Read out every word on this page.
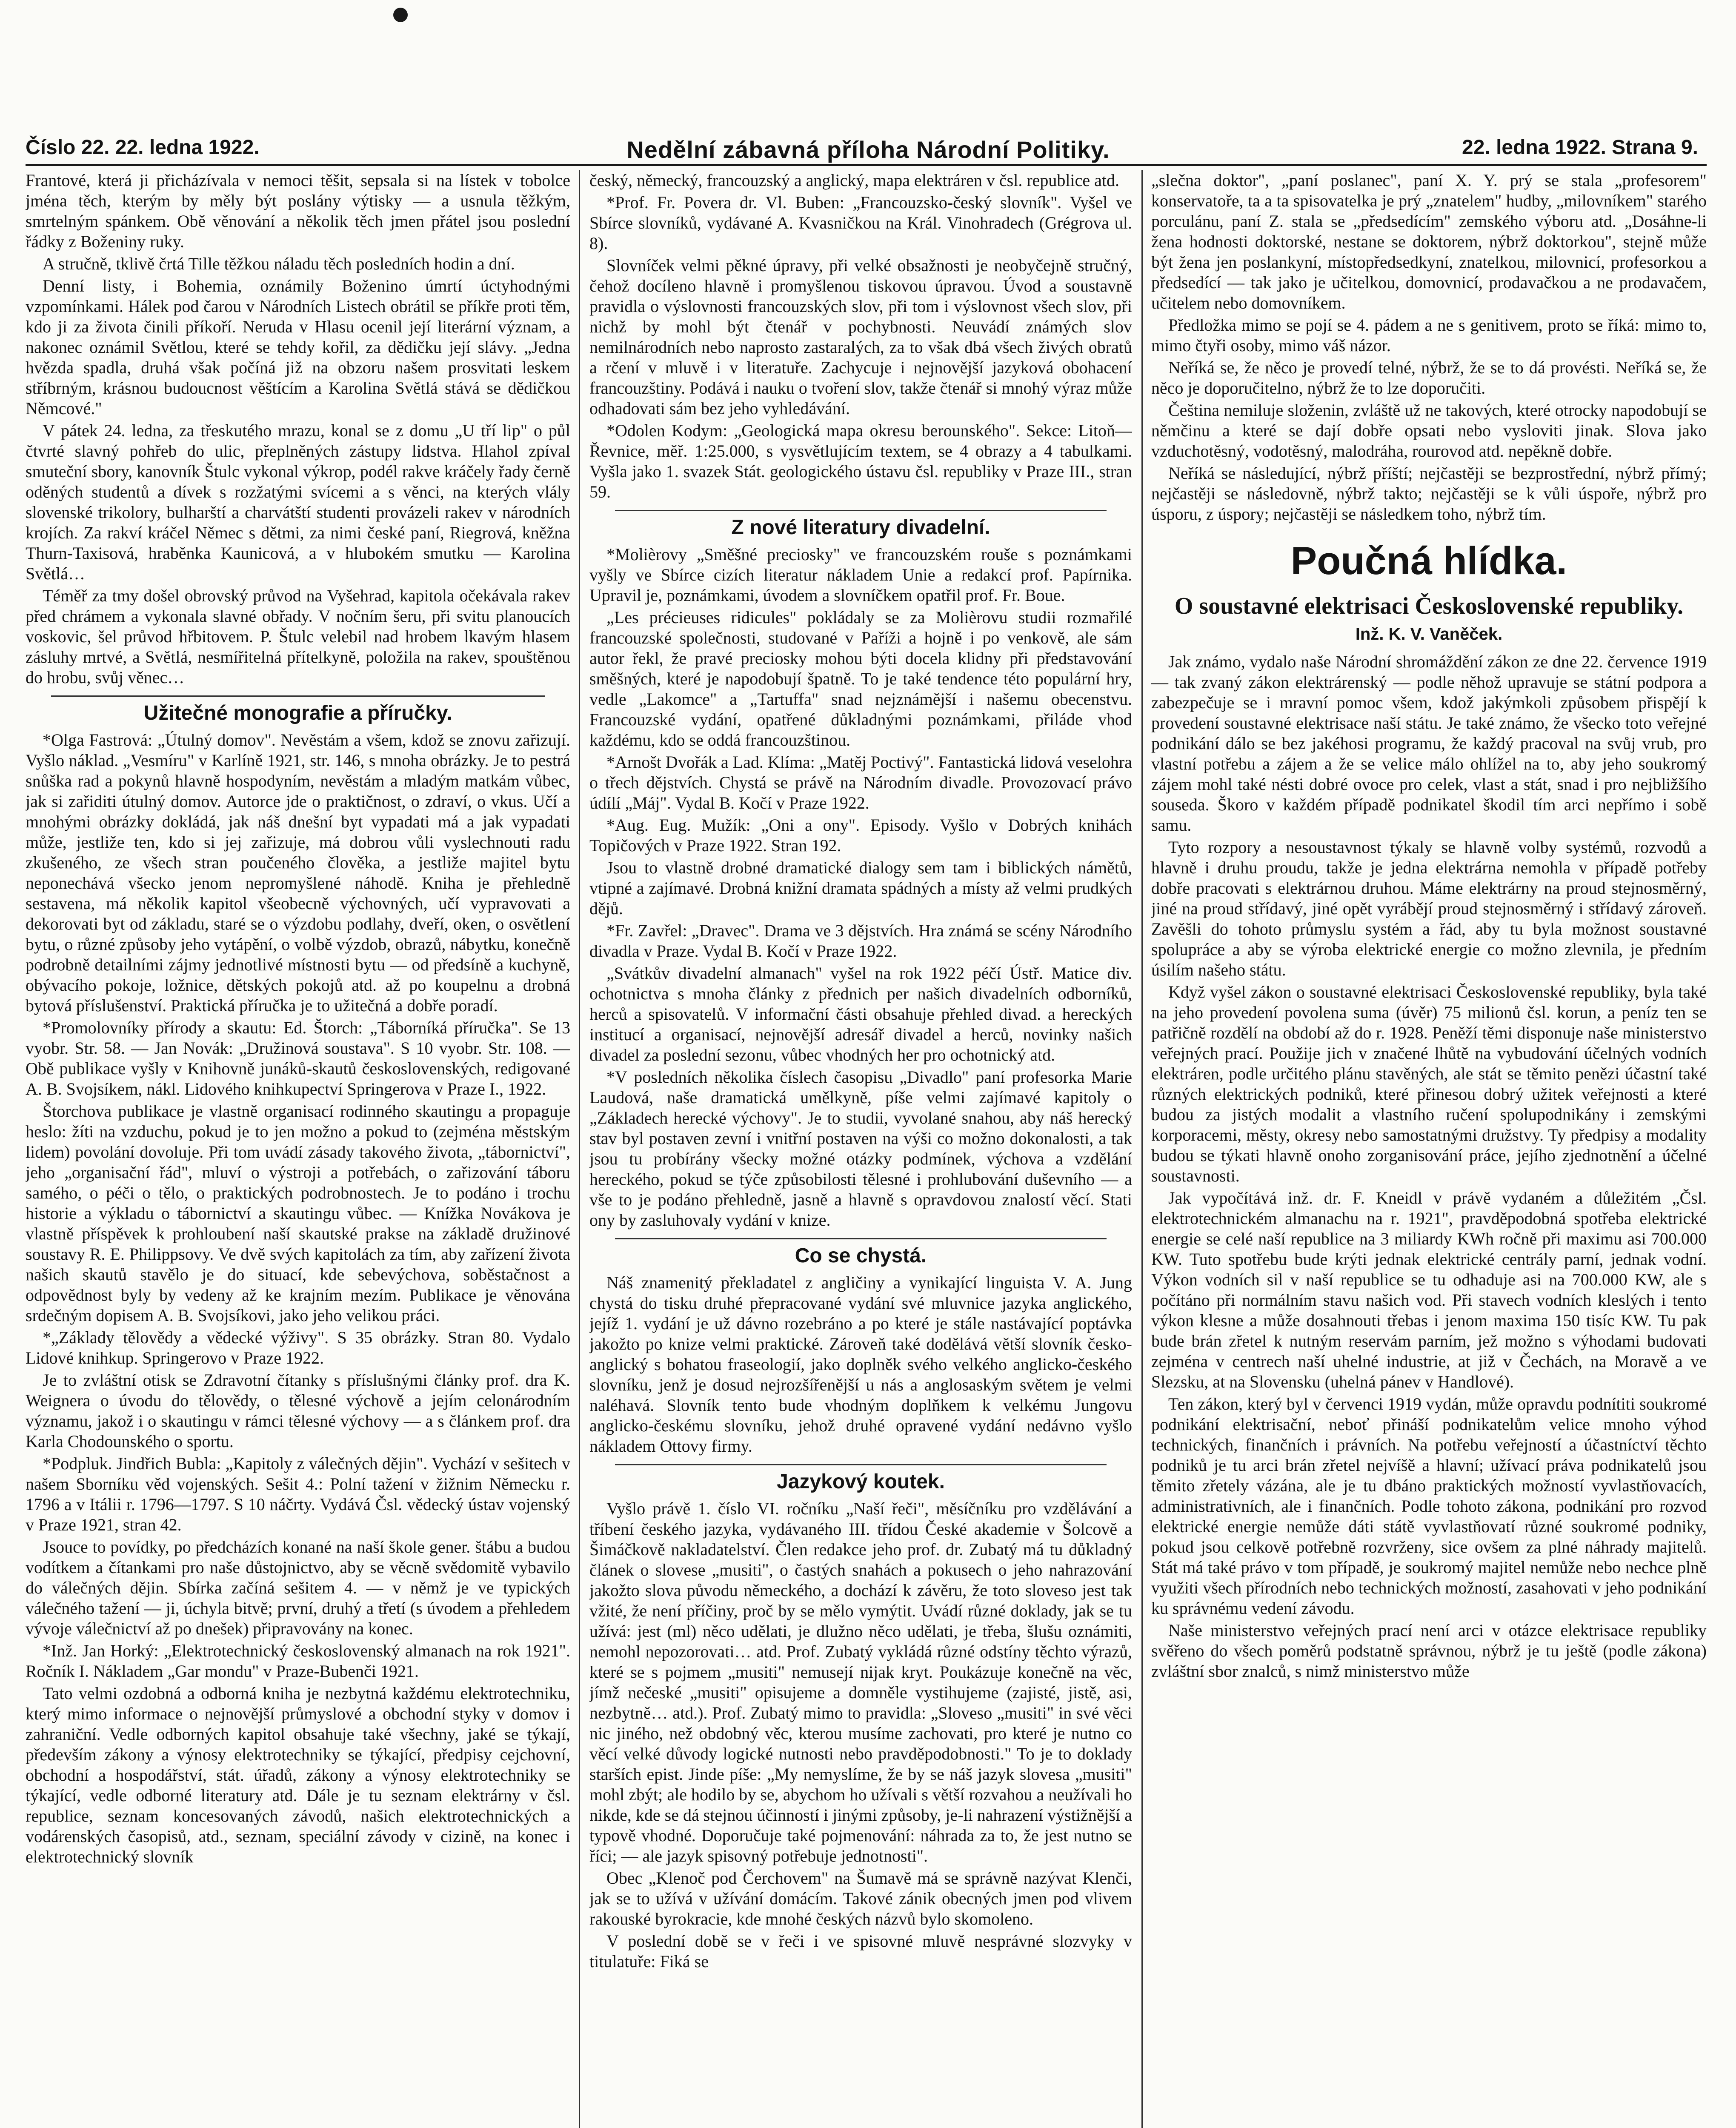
Číslo 22. 22. ledna 1922.	Nedělní zábavná příloha Národní Politiky.	22. ledna 1922. Strana 9.

Frantové, která ji přicházívala v nemoci těšit, sepsala si na lístek v tobolce jména těch, kterým by měly být poslány výtisky — a usnula těžkým, smrtelným spánkem. Obě věnování a několik těch jmen přátel jsou poslední řádky z Boženiny ruky.

A stručně, tklivě črtá Tille těžkou náladu těch posledních hodin a dní.

Denní listy, i Bohemia, oznámily Boženino úmrtí úctyhodnými vzpomínkami. Hálek pod čarou v Národních Listech obrátil se příkře proti těm, kdo ji za života činili příkoří. Neruda v Hlasu ocenil její literární význam, a nakonec oznámil Světlou, které se tehdy kořil, za dědičku její slávy. „Jedna hvězda spadla, druhá však počíná již na obzoru našem prosvitati leskem stříbrným, krásnou budoucnost věštícím a Karolina Světlá stává se dědičkou Němcové."

V pátek 24. ledna, za třeskutého mrazu, konal se z domu „U tří lip" o půl čtvrté slavný pohřeb do ulic, přeplněných zástupy lidstva. Hlahol zpíval smuteční sbory, kanovník Štulc vykonal výkrop, podél rakve kráčely řady černě oděných studentů a dívek s rozžatými svícemi a s věnci, na kterých vlály slovenské trikolory, bulharští a charvátští studenti provázeli rakev v národních krojích. Za rakví kráčel Němec s dětmi, za nimi české paní, Riegrová, kněžna Thurn-Taxisová, hraběnka Kaunicová, a v hlubokém smutku — Karolina Světlá…

Téměř za tmy došel obrovský průvod na Vyšehrad, kapitola očekávala rakev před chrámem a vykonala slavné obřady. V nočním šeru, při svitu planoucích voskovic, šel průvod hřbitovem. P. Štulc velebil nad hrobem lkavým hlasem zásluhy mrtvé, a Světlá, nesmířitelná přítelkyně, položila na rakev, spouštěnou do hrobu, svůj věnec…

Užitečné monografie a příručky.

*Olga Fastrová: „Útulný domov". Nevěstám a všem, kdož se znovu zařizují. Vyšlo náklad. „Vesmíru" v Karlíně 1921, str. 146, s mnoha obrázky. Je to pestrá snůška rad a pokynů hlavně hospodyním, nevěstám a mladým matkám vůbec, jak si zařiditi útulný domov. Autorce jde o praktičnost, o zdraví, o vkus. Učí a mnohými obrázky dokládá, jak náš dnešní byt vypadati má a jak vypadati může, jestliže ten, kdo si jej zařizuje, má dobrou vůli vyslechnouti radu zkušeného, ze všech stran poučeného člověka, a jestliže majitel bytu neponechává všecko jenom nepromyšlené náhodě. Kniha je přehledně sestavena, má několik kapitol všeobecně výchovných, učí vypravovati a dekorovati byt od základu, staré se o výzdobu podlahy, dveří, oken, o osvětlení bytu, o různé způsoby jeho vytápění, o volbě výzdob, obrazů, nábytku, konečně podrobně detailními zájmy jednotlivé místnosti bytu — od předsíně a kuchyně, obývacího pokoje, ložnice, dětských pokojů atd. až po koupelnu a drobná bytová příslušenství. Praktická příručka je to užitečná a dobře poradí.

*Promolovníky přírody a skautu: Ed. Štorch: „Táborníká příručka". Se 13 vyobr. Str. 58. — Jan Novák: „Družinová soustava". S 10 vyobr. Str. 108. — Obě publikace vyšly v Knihovně junáků-skautů československých, redigované A. B. Svojsíkem, nákl. Lidového knihkupectví Springerova v Praze I., 1922.

Štorchova publikace je vlastně organisací rodinného skautingu a propaguje heslo: žíti na vzduchu, pokud je to jen možno a pokud to (zejména městským lidem) povolání dovoluje. Při tom uvádí zásady takového života, „tábornictví", jeho „organisační řád", mluví o výstroji a potřebách, o zařizování táboru samého, o péči o tělo, o praktických podrobnostech. Je to podáno i trochu historie a výkladu o tábornictví a skautingu vůbec. — Knížka Novákova je vlastně příspěvek k prohloubení naší skautské prakse na základě družinové soustavy R. E. Philippsovy. Ve dvě svých kapitolách za tím, aby zařízení života našich skautů stavělo je do situací, kde sebevýchova, soběstačnost a odpovědnost byly by vedeny až ke krajním mezím. Publikace je věnována srdečným dopisem A. B. Svojsíkovi, jako jeho velikou práci.

*„Základy tělovědy a vědecké výživy". S 35 obrázky. Stran 80. Vydalo Lidové knihkup. Springerovo v Praze 1922.

Je to zvláštní otisk se Zdravotní čítanky s příslušnými články prof. dra K. Weignera o úvodu do tělovědy, o tělesné výchově a jejím celonárodním významu, jakož i o skautingu v rámci tělesné výchovy — a s článkem prof. dra Karla Chodounského o sportu.

*Podpluk. Jindřich Bubla: „Kapitoly z válečných dějin". Vychází v sešitech v našem Sborníku věd vojenských. Sešit 4.: Polní tažení v žižnim Německu r. 1796 a v Itálii r. 1796—1797. S 10 náčrty. Vydává Čsl. vědecký ústav vojenský v Praze 1921, stran 42.

Jsouce to povídky, po předcházích konané na naší škole gener. štábu a budou vodítkem a čítankami pro naše důstojnictvo, aby se věcně svědomitě vybavilo do válečných dějin. Sbírka začíná sešitem 4. — v němž je ve typických válečného tažení — ji, úchyla bitvě; první, druhý a třetí (s úvodem a přehledem vývoje válečnictví až po dnešek) připravovány na konec.

*Inž. Jan Horký: „Elektrotechnický československý almanach na rok 1921". Ročník I. Nákladem „Gar mondu" v Praze-Bubenči 1921.

Tato velmi ozdobná a odborná kniha je nezbytná každému elektrotechniku, který mimo informace o nejnovější průmyslové a obchodní styky v domov i zahraniční. Vedle odborných kapitol obsahuje také všechny, jaké se týkají, především zákony a výnosy elektrotechniky se týkající, předpisy cejchovní, obchodní a hospodářství, stát. úřadů, zákony a výnosy elektrotechniky se týkající, vedle odborné literatury atd. Dále je tu seznam elektrárny v čsl. republice, seznam koncesovaných závodů, našich elektrotechnických a vodárenských časopisů, atd., seznam, speciální závody v cizině, na konec i elektrotechnický slovník

český, německý, francouzský a anglický, mapa elektráren v čsl. republice atd.

*Prof. Fr. Povera dr. Vl. Buben: „Francouzsko-český slovník". Vyšel ve Sbírce slovníků, vydávané A. Kvasničkou na Král. Vinohradech (Grégrova ul. 8).

Slovníček velmi pěkné úpravy, při velké obsažnosti je neobyčejně stručný, čehož docíleno hlavně i promyšlenou tiskovou úpravou. Úvod a soustavně pravidla o výslovnosti francouzských slov, při tom i výslovnost všech slov, při nichž by mohl být čtenář v pochybnosti. Neuvádí známých slov nemilnárodních nebo naprosto zastaralých, za to však dbá všech živých obratů a rčení v mluvě i v literatuře. Zachycuje i nejnovější jazyková obohacení francouzštiny. Podává i nauku o tvoření slov, takže čtenář si mnohý výraz může odhadovati sám bez jeho vyhledávání.

*Odolen Kodym: „Geologická mapa okresu berounského". Sekce: Litoň—Řevnice, měř. 1:25.000, s vysvětlujícím textem, se 4 obrazy a 4 tabulkami. Vyšla jako 1. svazek Stát. geologického ústavu čsl. republiky v Praze III., stran 59.

Z nové literatury divadelní.

*Molièrovy „Směšné preciosky" ve francouzském rouše s poznámkami vyšly ve Sbírce cizích literatur nákladem Unie a redakcí prof. Papírnika. Upravil je, poznámkami, úvodem a slovníčkem opatřil prof. Fr. Boue.

„Les précieuses ridicules" pokládaly se za Molièrovu studii rozmařilé francouzské společnosti, studované v Paříži a hojně i po venkově, ale sám autor řekl, že pravé preciosky mohou býti docela klidny při představování směšných, které je napodobují špatně. To je také tendence této populární hry, vedle „Lakomce" a „Tartuffa" snad nejznámější i našemu obecenstvu. Francouzské vydání, opatřené důkladnými poznámkami, přiláde vhod každému, kdo se oddá francouzštinou.

*Arnošt Dvořák a Lad. Klíma: „Matěj Poctivý". Fantastická lidová veselohra o třech dějstvích. Chystá se právě na Národním divadle. Provozovací právo údílí „Máj". Vydal B. Kočí v Praze 1922.

*Aug. Eug. Mužík: „Oni a ony". Episody. Vyšlo v Dobrých knihách Topičových v Praze 1922. Stran 192.

Jsou to vlastně drobné dramatické dialogy sem tam i biblických námětů, vtipné a zajímavé. Drobná knižní dramata spádných a místy až velmi prudkých dějů.

*Fr. Zavřel: „Dravec". Drama ve 3 dějstvích. Hra známá se scény Národního divadla v Praze. Vydal B. Kočí v Praze 1922.

„Svátkův divadelní almanach" vyšel na rok 1922 péčí Ústř. Matice div. ochotnictva s mnoha články z přednich per našich divadelních odborníků, herců a spisovatelů. V informační části obsahuje přehled divad. a hereckých institucí a organisací, nejnovější adresář divadel a herců, novinky našich divadel za poslední sezonu, vůbec vhodných her pro ochotnický atd.

*V posledních několika číslech časopisu „Divadlo" paní profesorka Marie Laudová, naše dramatická umělkyně, píše velmi zajímavé kapitoly o „Základech herecké výchovy". Je to studii, vyvolané snahou, aby náš herecký stav byl postaven zevní i vnitřní postaven na výši co možno dokonalosti, a tak jsou tu probírány všecky možné otázky podmínek, výchova a vzdělání hereckého, pokud se týče způsobilosti tělesné i prohlubování duševního — a vše to je podáno přehledně, jasně a hlavně s opravdovou znalostí věcí. Stati ony by zasluhovaly vydání v knize.

Co se chystá.

Náš znamenitý překladatel z angličiny a vynikající linguista V. A. Jung chystá do tisku druhé přepracované vydání své mluvnice jazyka anglického, jejíž 1. vydání je už dávno rozebráno a po které je stále nastávající poptávka jakožto po knize velmi praktické. Zároveň také dodělává větší slovník česko-anglický s bohatou fraseologií, jako doplněk svého velkého anglicko-českého slovníku, jenž je dosud nejrozšířenější u nás a anglosaským světem je velmi naléhavá. Slovník tento bude vhodným doplňkem k velkému Jungovu anglicko-českému slovníku, jehož druhé opravené vydání nedávno vyšlo nákladem Ottovy firmy.

Jazykový koutek.

Vyšlo právě 1. číslo VI. ročníku „Naší řeči", měsíčníku pro vzdělávání a tříbení českého jazyka, vydávaného III. třídou České akademie v Šolcově a Šimáčkově nakladatelství. Člen redakce jeho prof. dr. Zubatý má tu důkladný článek o slovese „musiti", o častých snahách a pokusech o jeho nahrazování jakožto slova původu německého, a dochází k závěru, že toto sloveso jest tak vžité, že není příčiny, proč by se mělo vymýtit. Uvádí různé doklady, jak se tu užívá: jest (ml) něco udělati, je dlužno něco udělati, je třeba, šlušu oznámiti, nemohl nepozorovati… atd. Prof. Zubatý vykládá různé odstíny těchto výrazů, které se s pojmem „musiti" nemusejí nijak kryt. Poukázuje konečně na věc, jímž nečeské „musiti" opisujeme a domněle vystihujeme (zajisté, jistě, asi, nezbytně… atd.). Prof. Zubatý mimo to pravidla: „Sloveso „musiti" in své věci nic jiného, než obdobný věc, kterou musíme zachovati, pro které je nutno co věcí velké důvody logické nutnosti nebo pravděpodobnosti." To je to doklady starších epist. Jinde píše: „My nemyslíme, že by se náš jazyk slovesa „musiti" mohl zbýt; ale hodilo by se, abychom ho užívali s větší rozvahou a neužívali ho nikde, kde se dá stejnou účinností i jinými způsoby, je-li nahrazení výstižnější a typově vhodné. Doporučuje také pojmenování: náhrada za to, že jest nutno se říci; — ale jazyk spisovný potřebuje jednotnosti".

Obec „Klenoč pod Čerchovem" na Šumavě má se správně nazývat Klenči, jak se to užívá v užívání domácím. Takové zánik obecných jmen pod vlivem rakouské byrokracie, kde mnohé českých názvů bylo skomoleno.

V poslední době se v řeči i ve spisovné mluvě nesprávné slozvyky v titulatuře: Fiká se

„slečna doktor", „paní poslanec", paní X. Y. prý se stala „profesorem" konservatoře, ta a ta spisovatelka je prý „znatelem" hudby, „milovníkem" starého porculánu, paní Z. stala se „předsedícím" zemského výboru atd. „Dosáhne-li žena hodnosti doktorské, nestane se doktorem, nýbrž doktorkou", stejně může být žena jen poslankyní, místopředsedkyní, znatelkou, milovnicí, profesorkou a předsedící — tak jako je učitelkou, domovnicí, prodavačkou a ne prodavačem, učitelem nebo domovníkem.

Předložka mimo se pojí se 4. pádem a ne s genitivem, proto se říká: mimo to, mimo čtyři osoby, mimo váš názor.

Neříká se, že něco je provedí telné, nýbrž, že se to dá provésti. Neříká se, že něco je doporučitelno, nýbrž že to lze doporučiti.

Čeština nemiluje složenin, zvláště už ne takových, které otrocky napodobují se němčinu a které se dají dobře opsati nebo vysloviti jinak. Slova jako vzduchotěsný, vodotěsný, malodráha, rourovod atd. nepěkně dobře.

Neříká se následující, nýbrž příští; nejčastěji se bezprostřední, nýbrž přímý; nejčastěji se následovně, nýbrž takto; nejčastěji se k vůli úspoře, nýbrž pro úsporu, z úspory; nejčastěji se následkem toho, nýbrž tím.

Poučná hlídka.
O soustavné elektrisaci Československé republiky.
Inž. K. V. Vaněček.

Jak známo, vydalo naše Národní shromáždění zákon ze dne 22. července 1919 — tak zvaný zákon elektrárenský — podle něhož upravuje se státní podpora a zabezpečuje se i mravní pomoc všem, kdož jakýmkoli způsobem přispějí k provedení soustavné elektrisace naší státu. Je také známo, že všecko toto veřejné podnikání dálo se bez jakéhosi programu, že každý pracoval na svůj vrub, pro vlastní potřebu a zájem a že se velice málo ohlížel na to, aby jeho soukromý zájem mohl také nésti dobré ovoce pro celek, vlast a stát, snad i pro nejbližšího souseda. Škoro v každém případě podnikatel škodil tím arci nepřímo i sobě samu.

Tyto rozpory a nesoustavnost týkaly se hlavně volby systémů, rozvodů a hlavně i druhu proudu, takže je jedna elektrárna nemohla v případě potřeby dobře pracovati s elektrárnou druhou. Máme elektrárny na proud stejnosměrný, jiné na proud střídavý, jiné opět vyrábějí proud stejnosměrný i střídavý zároveň. Zavěšli do tohoto průmyslu systém a řád, aby tu byla možnost soustavné spolupráce a aby se výroba elektrické energie co možno zlevnila, je předním úsilím našeho státu.

Když vyšel zákon o soustavné elektrisaci Československé republiky, byla také na jeho provedení povolena suma (úvěr) 75 milionů čsl. korun, a peníz ten se patřičně rozdělí na období až do r. 1928. Peněží těmi disponuje naše ministerstvo veřejných prací. Použije jich v značené lhůtě na vybudování účelných vodních elektráren, podle určitého plánu stavěných, ale stát se těmito penězi účastní také různých elektrických podniků, které přinesou dobrý užitek veřejnosti a které budou za jistých modalit a vlastního ručení spolupodnikány i zemskými korporacemi, městy, okresy nebo samostatnými družstvy. Ty předpisy a modality budou se týkati hlavně onoho zorganisování práce, jejího zjednotnění a účelné soustavnosti.

Jak vypočítává inž. dr. F. Kneidl v právě vydaném a důležitém „Čsl. elektrotechnickém almanachu na r. 1921", pravděpodobná spotřeba elektrické energie se celé naší republice na 3 miliardy KWh ročně při maximu asi 700.000 KW. Tuto spotřebu bude krýti jednak elektrické centrály parní, jednak vodní. Výkon vodních sil v naší republice se tu odhaduje asi na 700.000 KW, ale s počítáno při normálním stavu našich vod. Při stavech vodních kleslých i tento výkon klesne a může dosahnouti třebas i jenom maxima 150 tisíc KW. Tu pak bude brán zřetel k nutným reservám parním, jež možno s výhodami budovati zejména v centrech naší uhelné industrie, at již v Čechách, na Moravě a ve Slezsku, at na Slovensku (uhelná pánev v Handlové).

Ten zákon, který byl v červenci 1919 vydán, může opravdu podnítiti soukromé podnikání elektrisační, neboť přináší podnikatelům velice mnoho výhod technických, finančních i právních. Na potřebu veřejností a účastníctví těchto podniků je tu arci brán zřetel nejvíšě a hlavní; užívací práva podnikatelů jsou těmito zřetely vázána, ale je tu dbáno praktických možností vyvlastňovacích, administrativních, ale i finančních. Podle tohoto zákona, podnikání pro rozvod elektrické energie nemůže dáti státě vyvlastňovatí různé soukromé podniky, pokud jsou celkově potřebně rozvrženy, sice ovšem za plné náhrady majitelů. Stát má také právo v tom případě, je soukromý majitel nemůže nebo nechce plně využiti všech přírodních nebo technických možností, zasahovati v jeho podnikání ku správnému vedení závodu.

Naše ministerstvo veřejných prací není arci v otázce elektrisace republiky svěřeno do všech poměrů podstatně správnou, nýbrž je tu ještě (podle zákona) zvláštní sbor znalců, s nimž ministerstvo může
